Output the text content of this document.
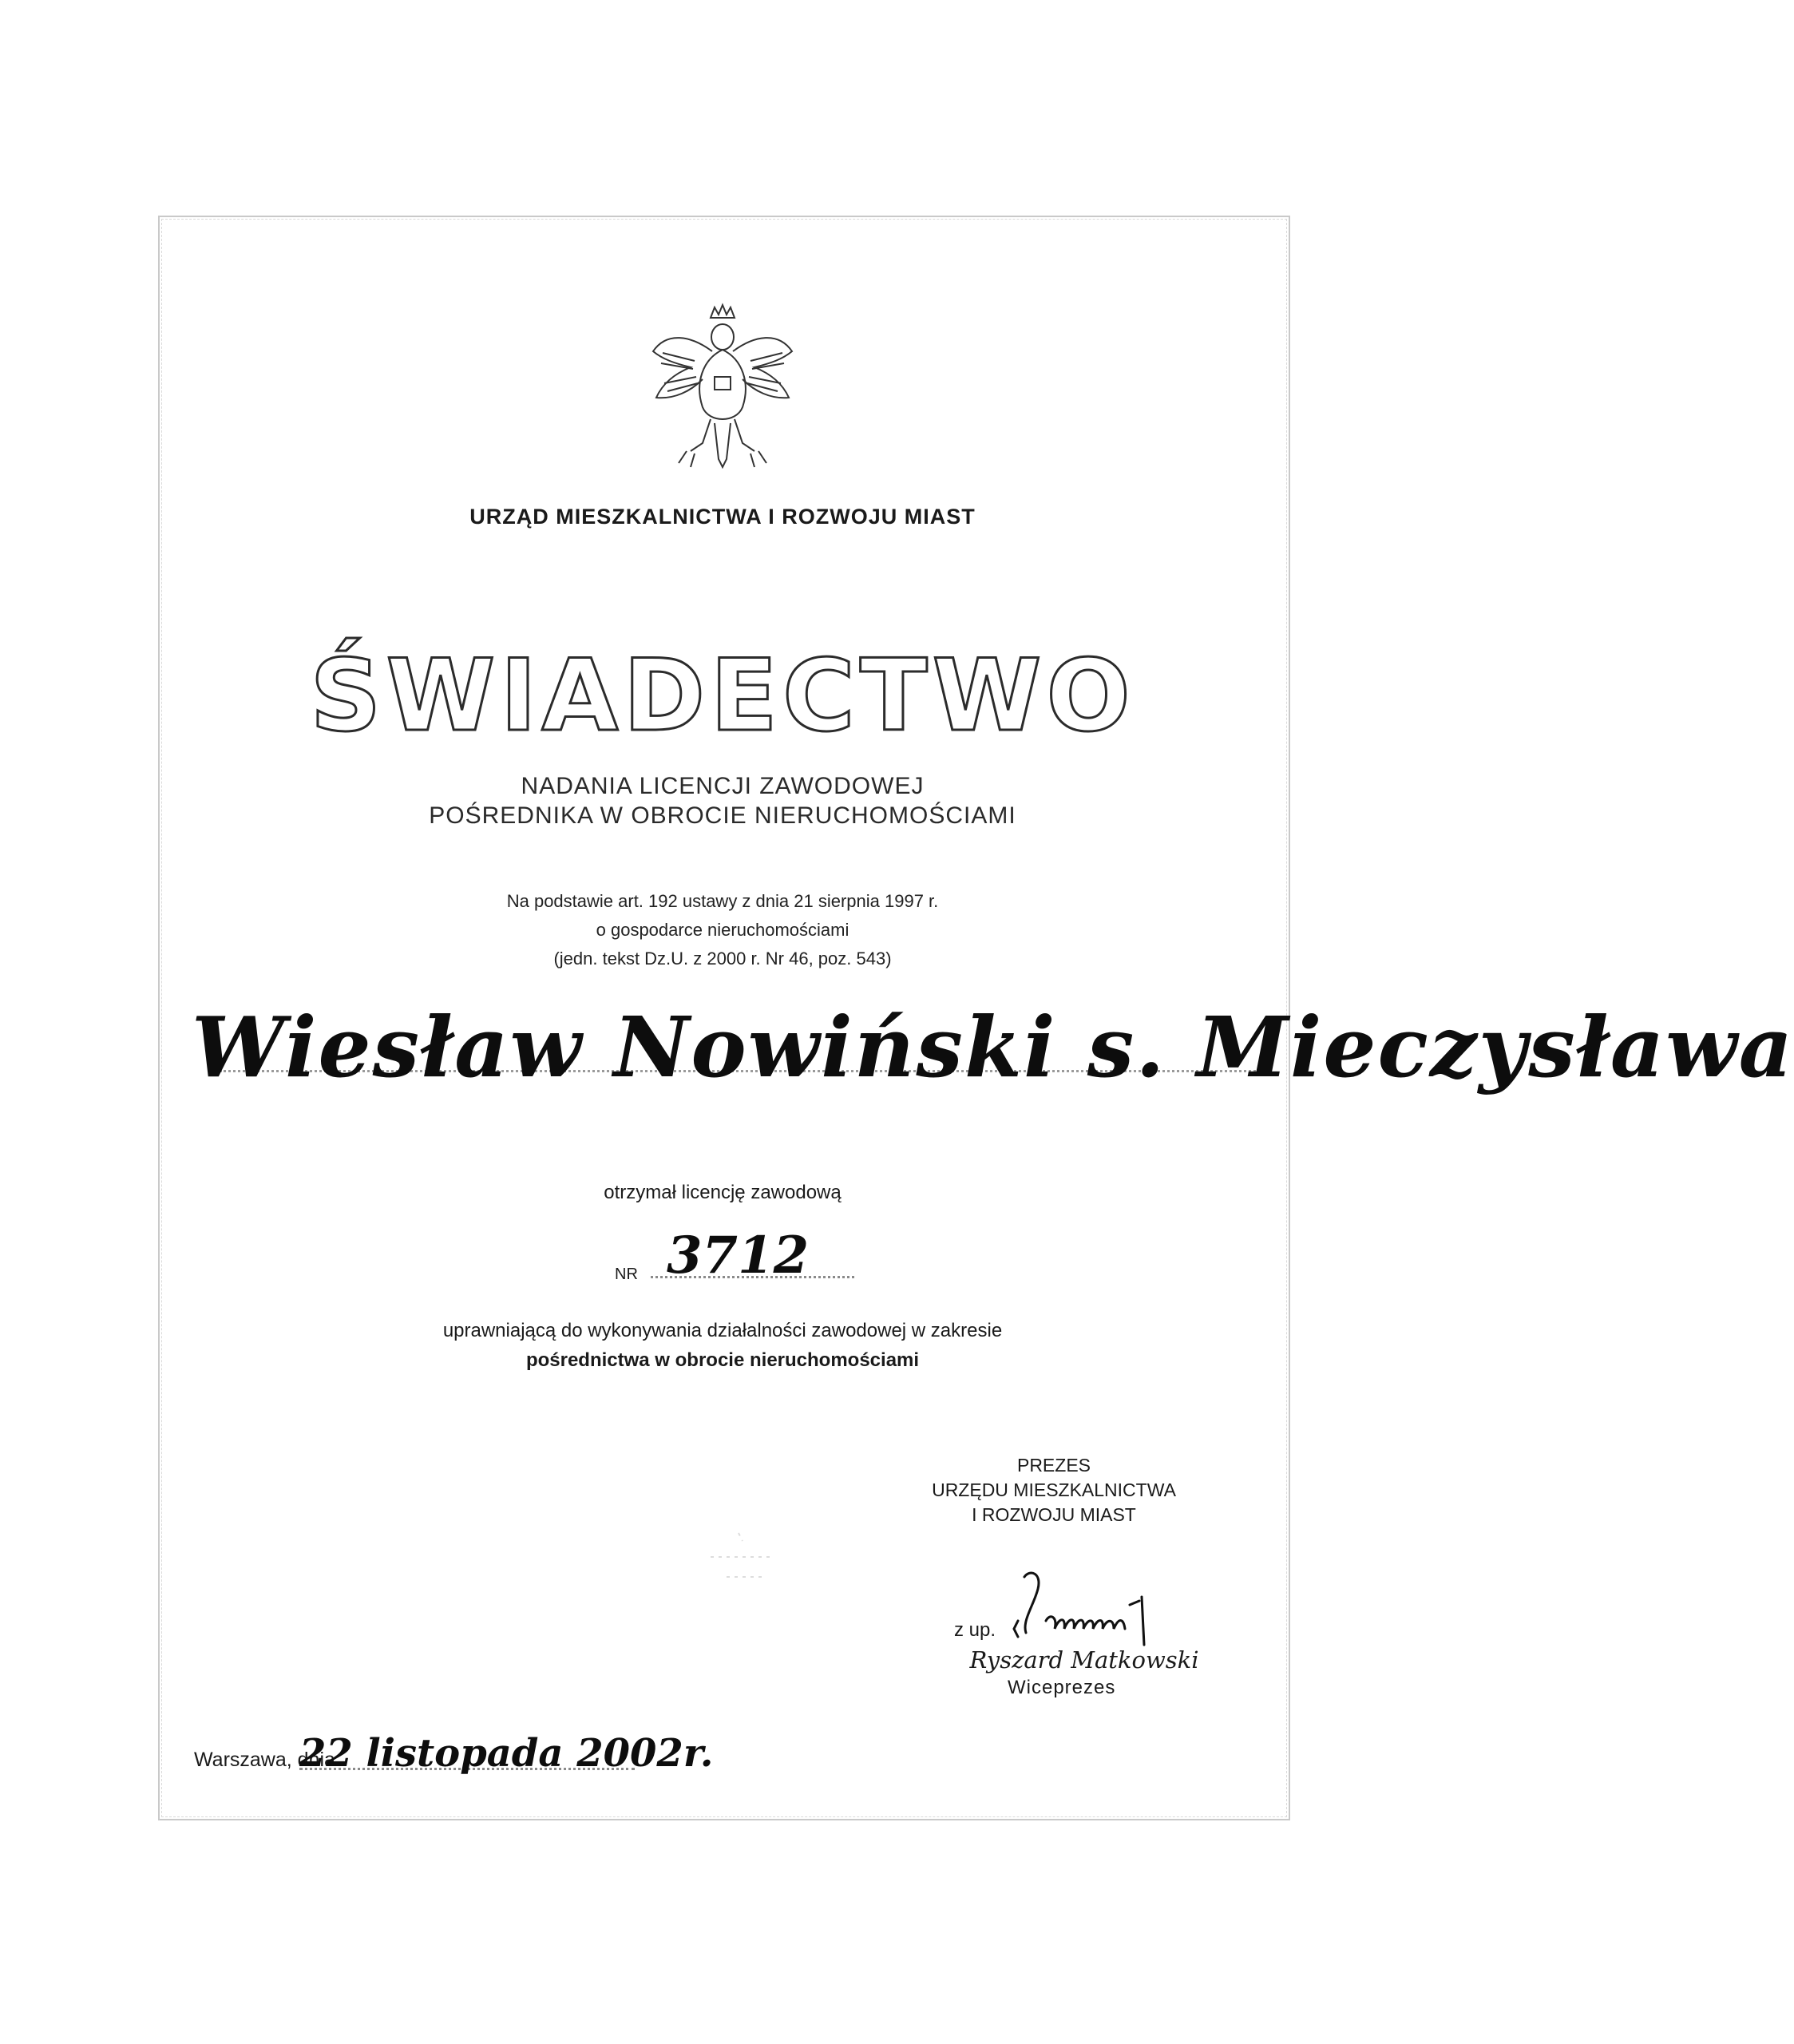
URZĄD MIESZKALNICTWA I ROZWOJU MIAST
ŚWIADECTWO
NADANIA LICENCJI ZAWODOWEJ
POŚREDNIKA W OBROCIE NIERUCHOMOŚCIAMI
Na podstawie art. 192 ustawy z dnia 21 sierpnia 1997 r.
o gospodarce nieruchomościami
(jedn. tekst Dz.U. z 2000 r. Nr 46, poz. 543)
Wiesław Nowiński s. Mieczysława
otrzymał licencję zawodową
NR 3712
uprawniającą do wykonywania działalności zawodowej w zakresie
pośrednictwa w obrocie nieruchomościami
PREZES
URZĘDU MIESZKALNICTWA
I ROZWOJU MIAST
z up.
Ryszard Matkowski
Wiceprezes
Warszawa, dnia
22 listopada 2002r.
